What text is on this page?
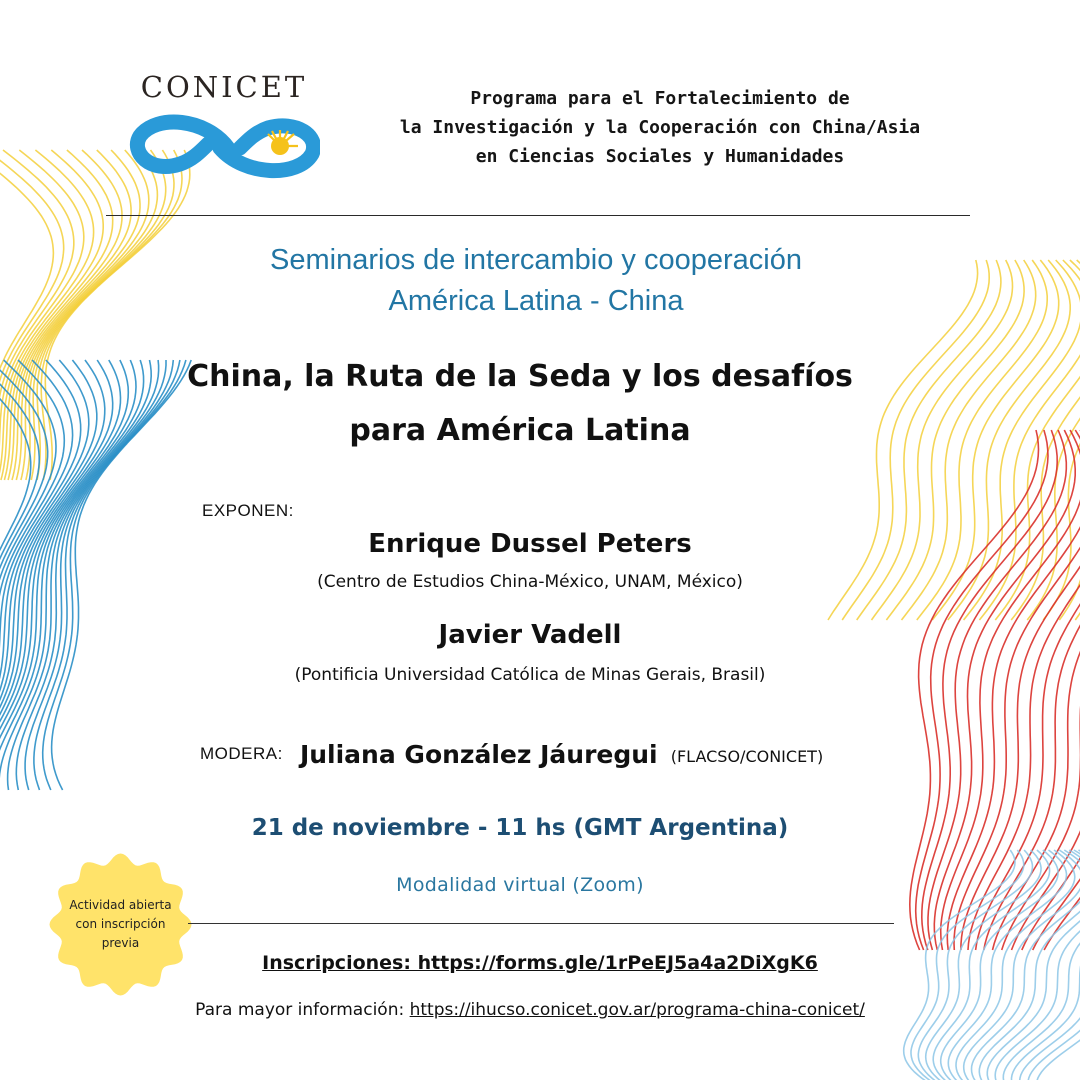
CONICET	Programa para el Fortalecimiento de
la Investigación y la Cooperación con China/Asia
en Ciencias Sociales y Humanidades
Seminarios de intercambio y cooperación
América Latina - China
China, la Ruta de la Seda y los desafíos
para América Latina
EXPONEN:
Enrique Dussel Peters
(Centro de Estudios China-México, UNAM, México)
Javier Vadell
(Pontificia Universidad Católica de Minas Gerais, Brasil)
MODERA: Juliana González Jáuregui (FLACSO/CONICET)
21 de noviembre - 11 hs (GMT Argentina)
Modalidad virtual (Zoom)
Actividad abierta
con inscripción
previa
Inscripciones: https://forms.gle/1rPeEJ5a4a2DiXgK6
Para mayor información: https://ihucso.conicet.gov.ar/programa-china-conicet/
